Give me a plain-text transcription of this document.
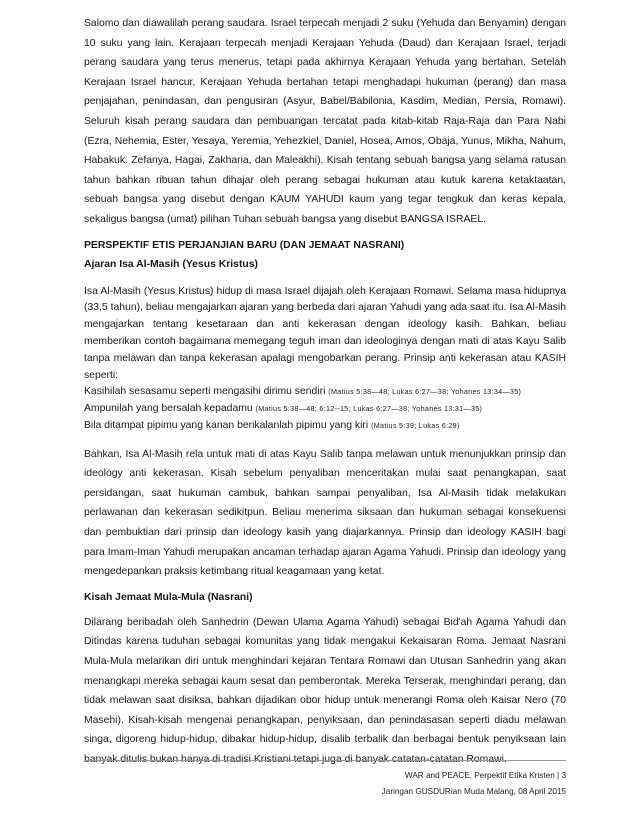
Salomo dan diawalilah perang saudara. Israel terpecah menjadi 2 suku (Yehuda dan Benyamin) dengan 10 suku yang lain. Kerajaan terpecah menjadi Kerajaan Yehuda (Daud) dan Kerajaan Israel, terjadi perang saudara yang terus menerus, tetapi pada akhirnya Kerajaan Yehuda yang bertahan. Setelah Kerajaan Israel hancur, Kerajaan Yehuda bertahan tetapi menghadapi hukuman (perang) dan masa penjajahan, penindasan, dan pengusiran (Asyur, Babel/Babilonia, Kasdim, Median, Persia, Romawi). Seluruh kisah perang saudara dan pembuangan tercatat pada kitab-kitab Raja-Raja dan Para Nabi (Ezra, Nehemia, Ester, Yesaya, Yeremia, Yehezkiel, Daniel, Hosea, Amos, Obaja, Yunus, Mikha, Nahum, Habakuk. Zefanya, Hagai, Zakharia, dan Maleakhi). Kisah tentang sebuah bangsa yang selama ratusan tahun bahkan ribuan tahun dihajar oleh perang sebagai hukuman atau kutuk karena ketaktaatan, sebuah bangsa yang disebut dengan KAUM YAHUDI kaum yang tegar tengkuk dan keras kepala, sekaligus bangsa (umat) pilihan Tuhan sebuah bangsa yang disebut BANGSA ISRAEL.

PERSPEKTIF ETIS PERJANJIAN BARU (DAN JEMAAT NASRANI)
Ajaran Isa Al-Masih (Yesus Kristus)

Isa Al-Masih (Yesus Kristus) hidup di masa Israel dijajah oleh Kerajaan Romawi. Selama masa hidupnya (33,5 tahun), beliau mengajarkan ajaran yang berbeda dari ajaran Yahudi yang ada saat itu. Isa Al-Masih mengajarkan tentang kesetaraan dan anti kekerasan dengan ideology kasih. Bahkan, beliau memberikan contoh bagaimana memegang teguh iman dan ideologinya dengan mati di atas Kayu Salib tanpa melawan dan tanpa kekerasan apalagi mengobarkan perang. Prinsip anti kekerasan atau KASIH seperti:

Kasihilah sesasamu seperti mengasihi dirimu sendiri (Matius 5:38—48; Lukas 6:27—38; Yohanes 13:34—35)
Ampunilah yang bersalah kepadamu (Matius 5:38—48; 6:12--15; Lukas 6:27—38; Yohanes 13:31—35)
Bila ditampat pipimu yang kanan berikalanlah pipimu yang kiri (Matius 5:39; Lukas 6:29)

Bahkan, Isa Al-Masih rela untuk mati di atas Kayu Salib tanpa melawan untuk menunjukkan prinsip dan ideology anti kekerasan. Kisah sebelum penyaliban menceritakan mulai saat penangkapan, saat persidangan, saat hukuman cambuk, bahkan sampai penyaliban, Isa Al-Masih tidak melakukan perlawanan dan kekerasan sedikitpun. Beliau menerima siksaan dan hukuman sebagai konsekuensi dan pembuktian dari prinsip dan ideology kasih yang diajarkannya. Prinsip dan ideology KASIH bagi para Imam-Iman Yahudi merupakan ancaman terhadap ajaran Agama Yahudi. Prinsip dan ideology yang mengedepankan praksis ketimbang ritual keagamaan yang ketat.

Kisah Jemaat Mula-Mula (Nasrani)

Dilarang beribadah oleh Sanhedrin (Dewan Ulama Agama Yahudi) sebagai Bid'ah Agama Yahudi dan Ditindas karena tuduhan sebagai komunitas yang tidak mengakui Kekaisaran Roma. Jemaat Nasrani Mula-Mula melarikan diri untuk menghindari kejaran Tentara Romawi dan Utusan Sanhedrin yang akan menangkapi mereka sebagai kaum sesat dan pemberontak. Mereka Terserak, menghindari perang, dan tidak melawan saat disiksa, bahkan dijadikan obor hidup untuk menerangi Roma oleh Kaisar Nero (70 Masehi). Kisah-kisah mengenai penangkapan, penyiksaan, dan penindasasan seperti diadu melawan singa, digoreng hidup-hidup, dibakar hidup-hidup, disalib terbalik dan berbagai bentuk penyiksaan lain banyak ditulis bukan hanya di tradisi Kristiani tetapi juga di banyak catatan-catatan Romawi.

WAR and PEACE, Perpektif Etika Kristen | 3
Jaringan GUSDURian Muda Malang, 08 April 2015
